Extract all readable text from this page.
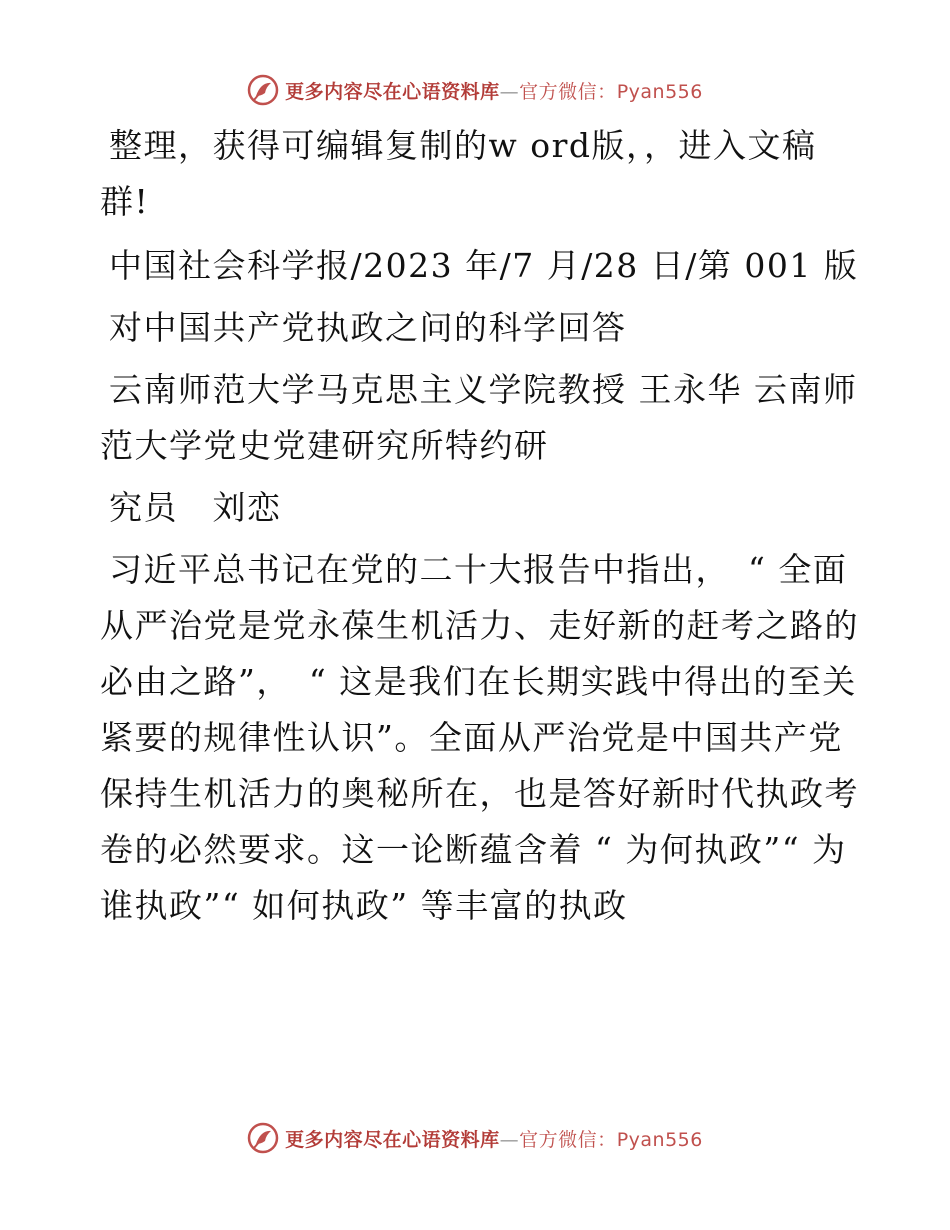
更多内容尽在心语资料库—官方微信：Pyan556

整理，获得可编辑复制的w ord版，，进入文稿群!

中国社会科学报/2023 年/7 月/28 日/第 001 版

对中国共产党执政之问的科学回答

云南师范大学马克思主义学院教授 王永华 云南师范大学党史党建研究所特约研

究员　刘恋

习近平总书记在党的二十大报告中指出，　“ 全面从严治党是党永葆生机活力、走好新的赶考之路的必由之路”，　“ 这是我们在长期实践中得出的至关紧要的规律性认识”。全面从严治党是中国共产党保持生机活力的奥秘所在，也是答好新时代执政考卷的必然要求。这一论断蕴含着 “ 为何执政”“ 为谁执政”“ 如何执政” 等丰富的执政

更多内容尽在心语资料库—官方微信：Pyan556
